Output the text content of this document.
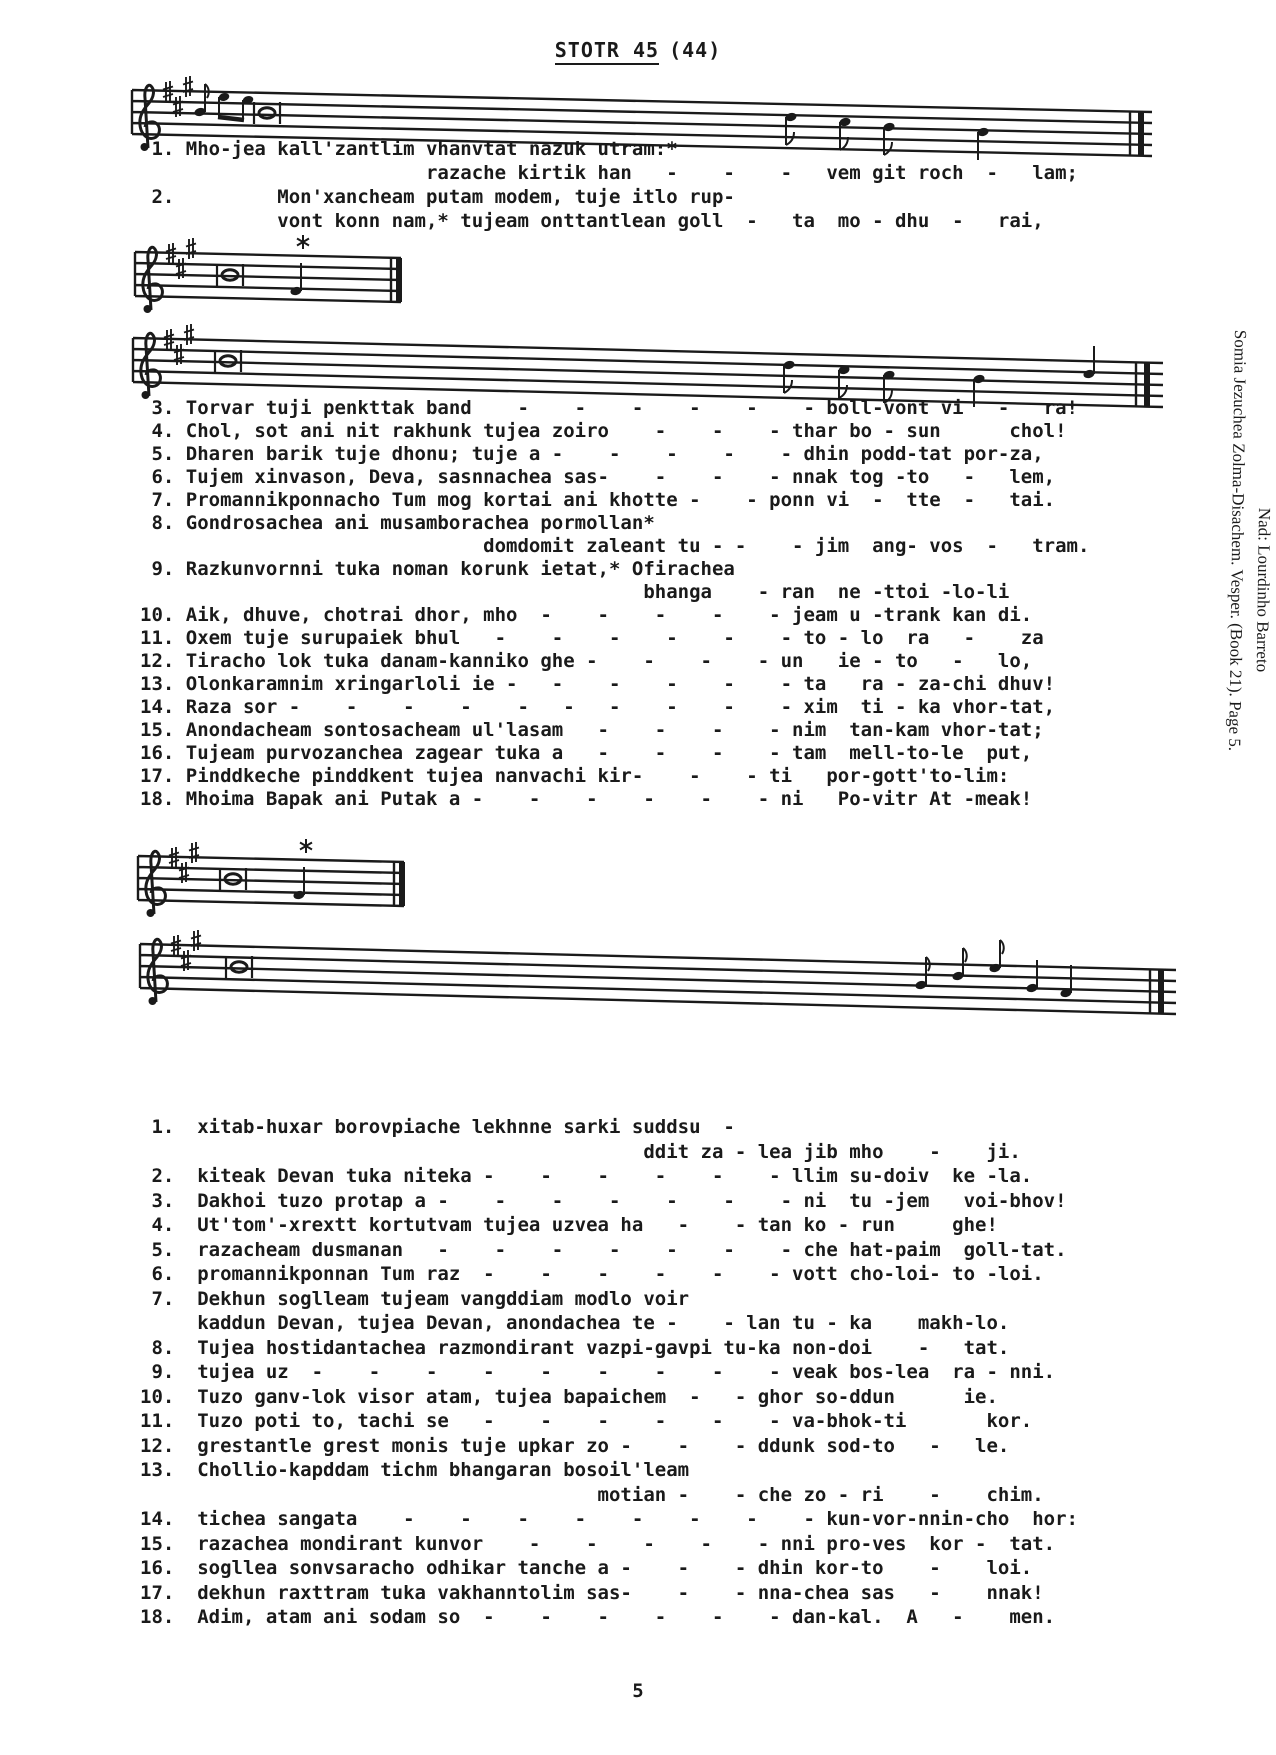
STOTR 45 (44)
1. Mho-jea kall'zantlim vhanvtat nazuk utram:*
razache kirtik han   -    -    -   vem git roch  -   lam;
2.         Mon'xancheam putam modem, tuje itlo rup-
vont konn nam,* tujeam onttantlean goll  -   ta  mo - dhu  -   rai,
3. Torvar tuji penkttak band    -    -    -    -    -    - boll-vont vi   -   ra!
4. Chol, sot ani nit rakhunk tujea zoiro    -    -    - thar bo - sun      chol!
5. Dharen barik tuje dhonu; tuje a -    -    -    -    - dhin podd-tat por-za,
6. Tujem xinvason, Deva, sasnnachea sas-    -    -    - nnak tog -to   -   lem,
7. Promannikponnacho Tum mog kortai ani khotte -    - ponn vi  -  tte  -   tai.
8. Gondrosachea ani musamborachea pormollan*
domdomit zaleant tu - -    - jim  ang- vos  -   tram.
9. Razkunvornni tuka noman korunk ietat,* Ofirachea
bhanga    - ran  ne -ttoi -lo-li
10. Aik, dhuve, chotrai dhor, mho  -    -    -    -    - jeam u -trank kan di.
11. Oxem tuje surupaiek bhul   -    -    -    -    -    - to - lo  ra   -    za
12. Tiracho lok tuka danam-kanniko ghe -    -    -    - un   ie - to   -   lo,
13. Olonkaramnim xringarloli ie -   -    -    -    -    - ta   ra - za-chi dhuv!
14. Raza sor -    -    -    -    -   -   -    -    -    - xim  ti - ka vhor-tat,
15. Anondacheam sontosacheam ul'lasam   -    -    -    - nim  tan-kam vhor-tat;
16. Tujeam purvozanchea zagear tuka a   -    -    -    - tam  mell-to-le  put,
17. Pinddkeche pinddkent tujea nanvachi kir-    -    - ti   por-gott'to-lim:
18. Mhoima Bapak ani Putak a -    -    -    -    -    - ni   Po-vitr At -meak!
1.  xitab-huxar borovpiache lekhnne sarki suddsu  -
ddit za - lea jib mho    -    ji.
2.  kiteak Devan tuka niteka -    -    -    -    -    - llim su-doiv  ke -la.
3.  Dakhoi tuzo protap a -    -    -    -    -    -    - ni  tu -jem   voi-bhov!
4.  Ut'tom'-xrextt kortutvam tujea uzvea ha   -    - tan ko - run     ghe!
5.  razacheam dusmanan   -    -    -    -    -    -    - che hat-paim  goll-tat.
6.  promannikponnan Tum raz  -    -    -    -    -    - vott cho-loi- to -loi.
7.  Dekhun soglleam tujeam vangddiam modlo voir
kaddun Devan, tujea Devan, anondachea te -    - lan tu - ka    makh-lo.
8.  Tujea hostidantachea razmondirant vazpi-gavpi tu-ka non-doi    -   tat.
9.  tujea uz  -    -    -    -    -    -    -    -    - veak bos-lea  ra - nni.
10.  Tuzo ganv-lok visor atam, tujea bapaichem  -   - ghor so-ddun      ie.
11.  Tuzo poti to, tachi se   -    -    -    -    -    - va-bhok-ti       kor.
12.  grestantle grest monis tuje upkar zo -    -    - ddunk sod-to   -   le.
13.  Chollio-kapddam tichm bhangaran bosoil'leam
motian -    - che zo - ri    -    chim.
14.  tichea sangata    -    -    -    -    -    -    -    - kun-vor-nnin-cho  hor:
15.  razachea mondirant kunvor    -    -    -    -    - nni pro-ves  kor -  tat.
16.  sogllea sonvsaracho odhikar tanche a -    -    - dhin kor-to    -    loi.
17.  dekhun raxttram tuka vakhanntolim sas-    -    - nna-chea sas   -    nnak!
18.  Adim, atam ani sodam so  -    -    -    -    -    - dan-kal.  A   -    men.
Somia Jezuchea Zolma-Disachem. Vesper. (Book 21). Page 5. Nad: Lourdinho Barreto
5
